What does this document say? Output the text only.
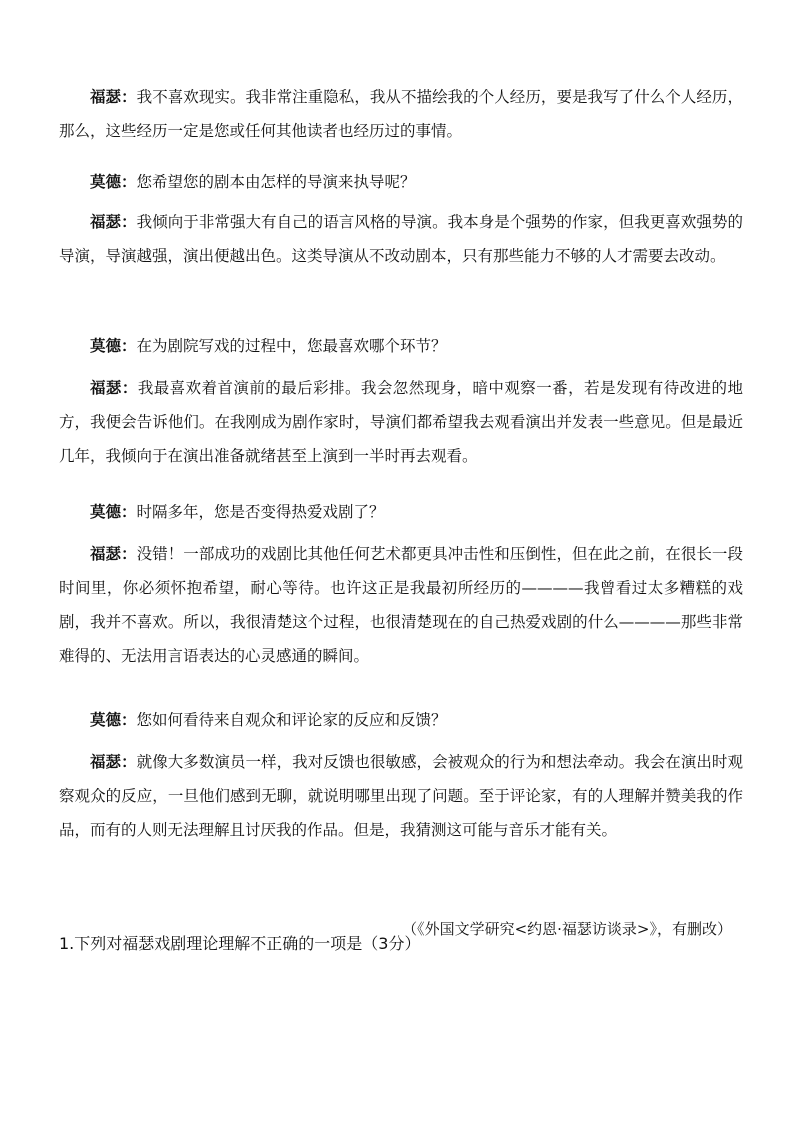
福瑟：我不喜欢现实。我非常注重隐私，我从不描绘我的个人经历，要是我写了什么个人经历，那么，这些经历一定是您或任何其他读者也经历过的事情。

莫德：您希望您的剧本由怎样的导演来执导呢？

福瑟：我倾向于非常强大有自己的语言风格的导演。我本身是个强势的作家，但我更喜欢强势的导演，导演越强，演出便越出色。这类导演从不改动剧本，只有那些能力不够的人才需要去改动。

莫德：在为剧院写戏的过程中，您最喜欢哪个环节？

福瑟：我最喜欢着首演前的最后彩排。我会忽然现身，暗中观察一番，若是发现有待改进的地方，我便会告诉他们。在我刚成为剧作家时，导演们都希望我去观看演出并发表一些意见。但是最近几年，我倾向于在演出准备就绪甚至上演到一半时再去观看。

莫德：时隔多年，您是否变得热爱戏剧了？

福瑟：没错！一部成功的戏剧比其他任何艺术都更具冲击性和压倒性，但在此之前，在很长一段时间里，你必须怀抱希望，耐心等待。也许这正是我最初所经历的————我曾看过太多糟糕的戏剧，我并不喜欢。所以，我很清楚这个过程，也很清楚现在的自己热爱戏剧的什么————那些非常难得的、无法用言语表达的心灵感通的瞬间。

莫德：您如何看待来自观众和评论家的反应和反馈？

福瑟：就像大多数演员一样，我对反馈也很敏感，会被观众的行为和想法牵动。我会在演出时观察观众的反应，一旦他们感到无聊，就说明哪里出现了问题。至于评论家，有的人理解并赞美我的作品，而有的人则无法理解且讨厌我的作品。但是，我猜测这可能与音乐才能有关。

（《外国文学研究<约恩·福瑟访谈录>》，有删改）

1.下列对福瑟戏剧理论理解不正确的一项是（3分）
